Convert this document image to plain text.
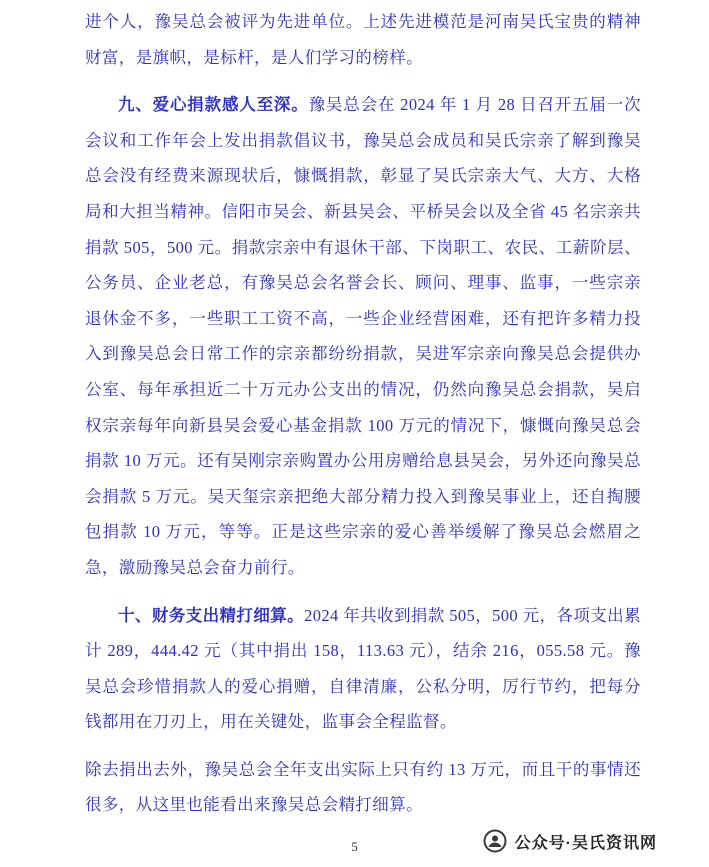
进个人，豫吴总会被评为先进单位。上述先进模范是河南吴氏宝贵的精神财富，是旗帜，是标杆，是人们学习的榜样。

九、爱心捐款感人至深。豫吴总会在 2024 年 1 月 28 日召开五届一次会议和工作年会上发出捐款倡议书，豫吴总会成员和吴氏宗亲了解到豫吴总会没有经费来源现状后，慷慨捐款，彰显了吴氏宗亲大气、大方、大格局和大担当精神。信阳市吴会、新县吴会、平桥吴会以及全省 45 名宗亲共捐款 505，500 元。捐款宗亲中有退休干部、下岗职工、农民、工薪阶层、公务员、企业老总，有豫吴总会名誉会长、顾问、理事、监事，一些宗亲退休金不多，一些职工工资不高，一些企业经营困难，还有把许多精力投入到豫吴总会日常工作的宗亲都纷纷捐款，吴进军宗亲向豫吴总会提供办公室、每年承担近二十万元办公支出的情况，仍然向豫吴总会捐款，吴启权宗亲每年向新县吴会爱心基金捐款 100 万元的情况下，慷慨向豫吴总会捐款 10 万元。还有吴刚宗亲购置办公用房赠给息县吴会，另外还向豫吴总会捐款 5 万元。吴天玺宗亲把绝大部分精力投入到豫吴事业上，还自掏腰包捐款 10 万元，等等。正是这些宗亲的爱心善举缓解了豫吴总会燃眉之急，激励豫吴总会奋力前行。

十、财务支出精打细算。2024 年共收到捐款 505，500 元，各项支出累计 289，444.42 元（其中捐出 158，113.63 元），结余 216，055.58 元。豫吴总会珍惜捐款人的爱心捐赠，自律清廉，公私分明，厉行节约，把每分钱都用在刀刃上，用在关键处，监事会全程监督。

除去捐出去外，豫吴总会全年支出实际上只有约 13 万元，而且干的事情还很多，从这里也能看出来豫吴总会精打细算。

5	公众号·吴氏资讯网
